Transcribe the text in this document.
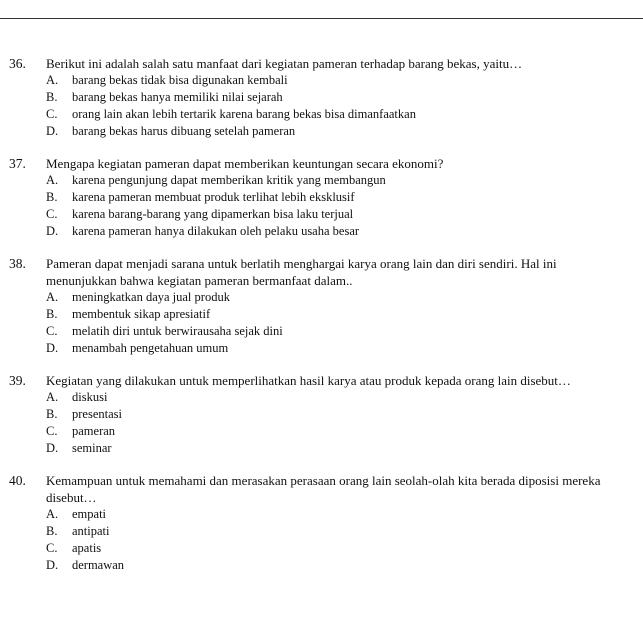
36. Berikut ini adalah salah satu manfaat dari kegiatan pameran terhadap barang bekas, yaitu…
A. barang bekas tidak bisa digunakan kembali
B. barang bekas hanya memiliki nilai sejarah
C. orang lain akan lebih tertarik karena barang bekas bisa dimanfaatkan
D. barang bekas harus dibuang setelah pameran
37. Mengapa kegiatan pameran dapat memberikan keuntungan secara ekonomi?
A. karena pengunjung dapat memberikan kritik yang membangun
B. karena pameran membuat produk terlihat lebih eksklusif
C. karena barang-barang yang dipamerkan bisa laku terjual
D. karena pameran hanya dilakukan oleh pelaku usaha besar
38. Pameran dapat menjadi sarana untuk berlatih menghargai karya orang lain dan diri sendiri. Hal ini menunjukkan bahwa kegiatan pameran bermanfaat dalam..
A. meningkatkan daya jual produk
B. membentuk sikap apresiatif
C. melatih diri untuk berwirausaha sejak dini
D. menambah pengetahuan umum
39. Kegiatan yang dilakukan untuk memperlihatkan hasil karya atau produk kepada orang lain disebut…
A. diskusi
B. presentasi
C. pameran
D. seminar
40. Kemampuan untuk memahami dan merasakan perasaan orang lain seolah-olah kita berada diposisi mereka disebut…
A. empati
B. antipati
C. apatis
D. dermawan
